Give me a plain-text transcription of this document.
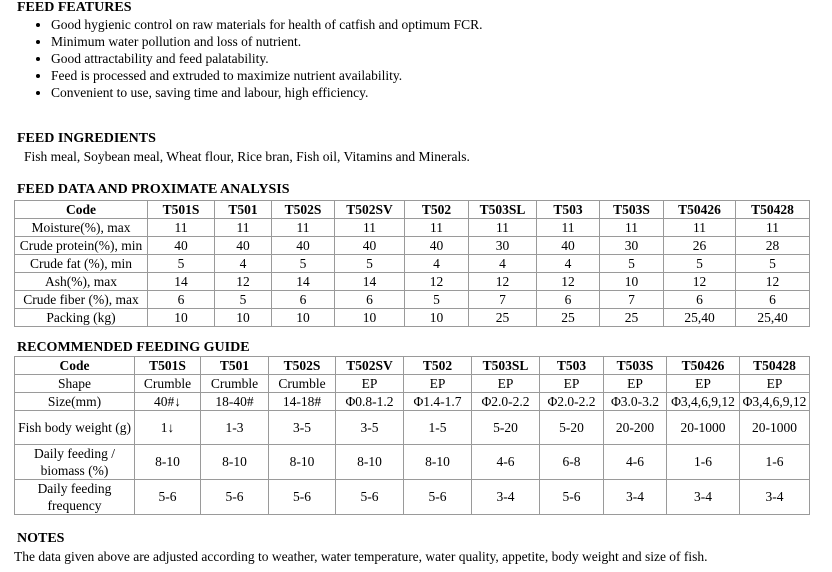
FEED FEATURES
• Good hygienic control on raw materials for health of catfish and optimum FCR.
• Minimum water pollution and loss of nutrient.
• Good attractability and feed palatability.
• Feed is processed and extruded to maximize nutrient availability.
• Convenient to use, saving time and labour, high efficiency.
FEED INGREDIENTS
Fish meal, Soybean meal, Wheat flour, Rice bran, Fish oil, Vitamins and Minerals.
FEED DATA AND PROXIMATE ANALYSIS
Code	T501S	T501	T502S	T502SV	T502	T503SL	T503	T503S	T50426	T50428
Moisture(%), max	11	11	11	11	11	11	11	11	11	11
Crude protein(%), min	40	40	40	40	40	30	40	30	26	28
Crude fat (%), min	5	4	5	5	4	4	4	5	5	5
Ash(%), max	14	12	14	14	12	12	12	10	12	12
Crude fiber (%), max	6	5	6	6	5	7	6	7	6	6
Packing (kg)	10	10	10	10	10	25	25	25	25,40	25,40
RECOMMENDED FEEDING GUIDE
Code	T501S	T501	T502S	T502SV	T502	T503SL	T503	T503S	T50426	T50428
Shape	Crumble	Crumble	Crumble	EP	EP	EP	EP	EP	EP	EP
Size(mm)	40#↓	18-40#	14-18#	Φ0.8-1.2	Φ1.4-1.7	Φ2.0-2.2	Φ2.0-2.2	Φ3.0-3.2	Φ3,4,6,9,12	Φ3,4,6,9,12
Fish body weight (g)	1↓	1-3	3-5	3-5	1-5	5-20	5-20	20-200	20-1000	20-1000
Daily feeding / biomass (%)	8-10	8-10	8-10	8-10	8-10	4-6	6-8	4-6	1-6	1-6
Daily feeding frequency	5-6	5-6	5-6	5-6	5-6	3-4	5-6	3-4	3-4	3-4
NOTES
The data given above are adjusted according to weather, water temperature, water quality, appetite, body weight and size of fish.
